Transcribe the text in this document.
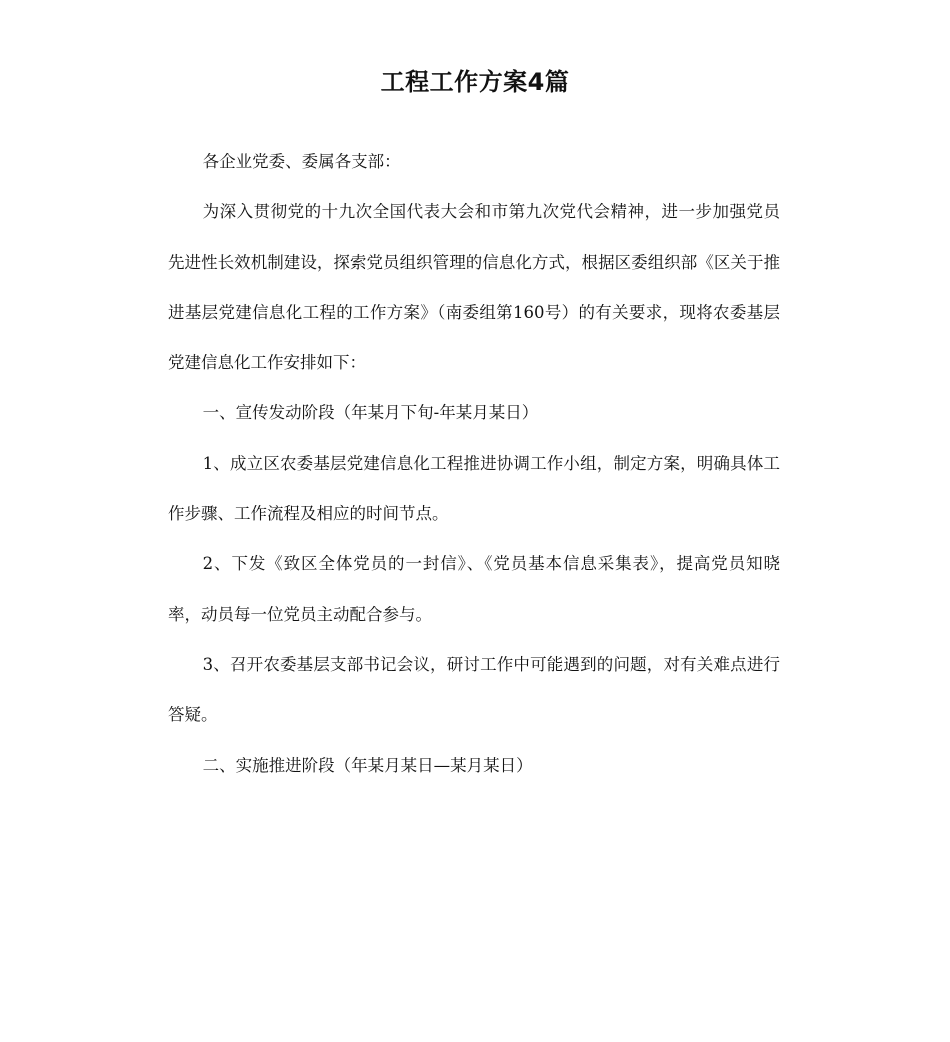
工程工作方案4篇

各企业党委、委属各支部：

为深入贯彻党的十九次全国代表大会和市第九次党代会精神，进一步加强党员先进性长效机制建设，探索党员组织管理的信息化方式，根据区委组织部《区关于推进基层党建信息化工程的工作方案》（南委组第160号）的有关要求，现将农委基层党建信息化工作安排如下：

一、宣传发动阶段（年某月下旬-年某月某日）

1、成立区农委基层党建信息化工程推进协调工作小组，制定方案，明确具体工作步骤、工作流程及相应的时间节点。

2、下发《致区全体党员的一封信》、《党员基本信息采集表》，提高党员知晓率，动员每一位党员主动配合参与。

3、召开农委基层支部书记会议，研讨工作中可能遇到的问题，对有关难点进行答疑。

二、实施推进阶段（年某月某日—某月某日）
